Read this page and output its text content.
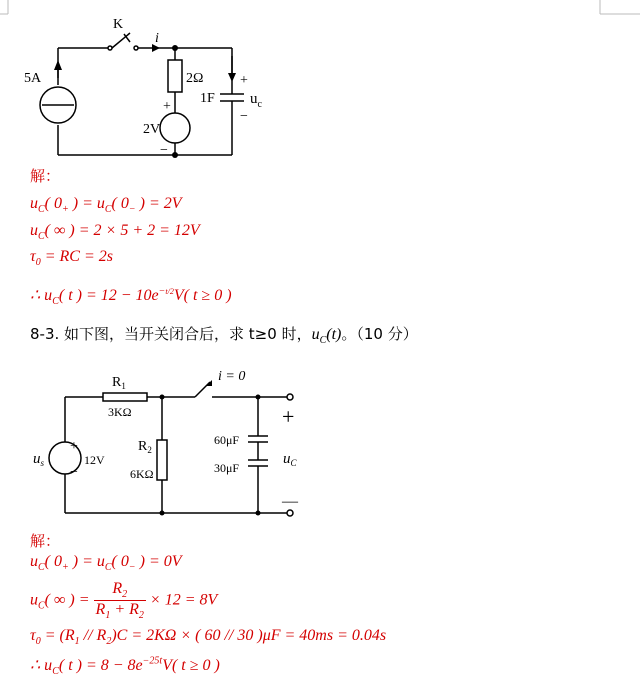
K
i
5A	2Ω
+
2V
−
1F
+
−
$u_c$
解：
$u_C$( $0_+$ ) = $u_C$( $0_-$ ) = 2V
$u_C$( ∞ ) = 2 × 5 + 2 = 12V
$\tau_0$ = RC = 2s
∴ $u_C$( t ) = $12 - 10e^{-t/2}V$( t ≥ 0 )
8-3. 如下图，当开关闭合后，求 t≥0 时，$u_C(t)$。（10 分）
$R_1$
3KΩ
$R_2$
6KΩ
$u_s$
+
12V
−
i = 0
60μF
30μF
+
$u_C$
—
解：
$u_C$( $0_+$ ) = $u_C$( $0_-$ ) = 0V
$u_C$( ∞ ) = $\frac{R_2}{R_1 + R_2} \times 12 = 8V$
$\tau_0 = (R_1 // R_2)C = 2K\Omega$ × ( 60 // 30 )μF = 40ms = 0.04s
∴ $u_C$( t ) = $8 - 8e^{-25t}V$( t ≥ 0 )
